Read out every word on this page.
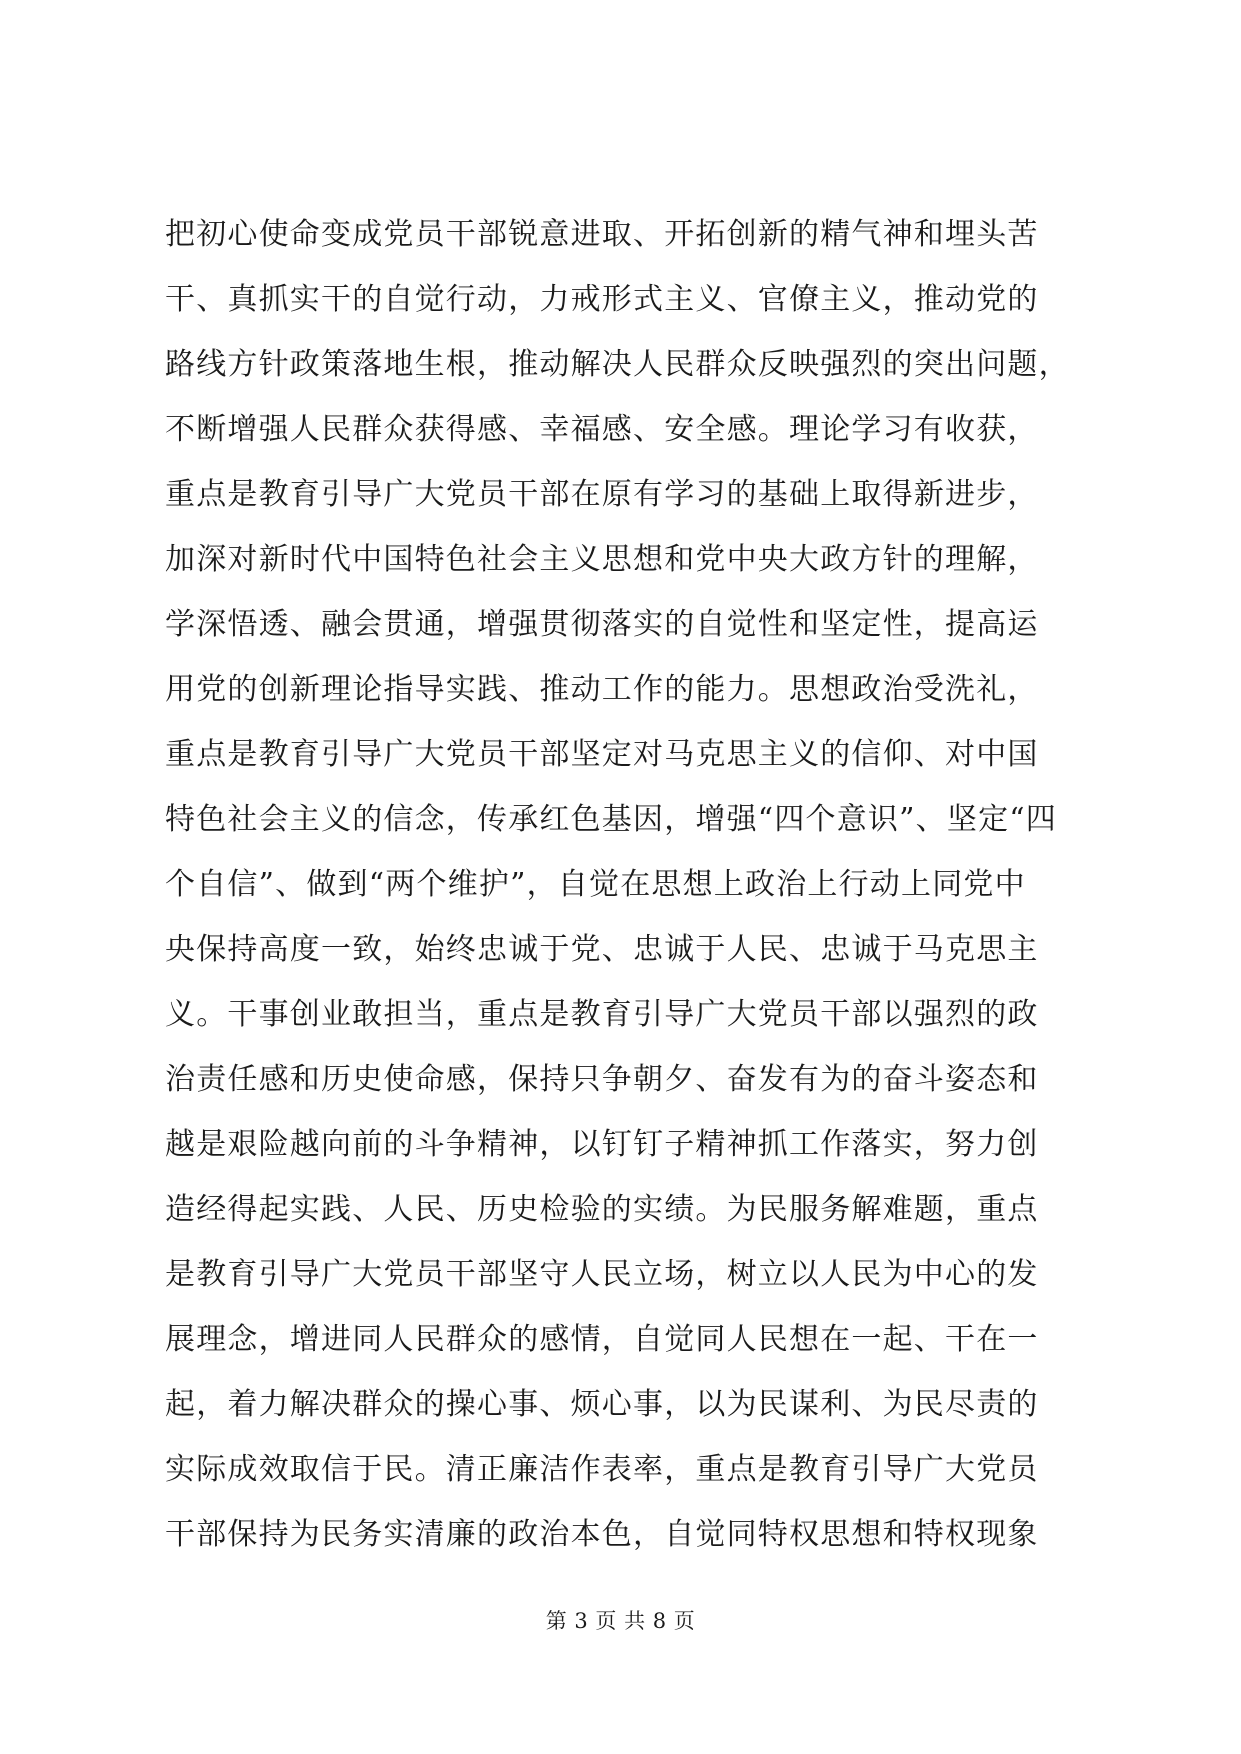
把初心使命变成党员干部锐意进取、开拓创新的精气神和埋头苦
干、真抓实干的自觉行动，力戒形式主义、官僚主义，推动党的
路线方针政策落地生根，推动解决人民群众反映强烈的突出问题，
不断增强人民群众获得感、幸福感、安全感。理论学习有收获，
重点是教育引导广大党员干部在原有学习的基础上取得新进步，
加深对新时代中国特色社会主义思想和党中央大政方针的理解，
学深悟透、融会贯通，增强贯彻落实的自觉性和坚定性，提高运
用党的创新理论指导实践、推动工作的能力。思想政治受洗礼，
重点是教育引导广大党员干部坚定对马克思主义的信仰、对中国
特色社会主义的信念，传承红色基因，增强“四个意识”、坚定“四
个自信”、做到“两个维护”，自觉在思想上政治上行动上同党中
央保持高度一致，始终忠诚于党、忠诚于人民、忠诚于马克思主
义。干事创业敢担当，重点是教育引导广大党员干部以强烈的政
治责任感和历史使命感，保持只争朝夕、奋发有为的奋斗姿态和
越是艰险越向前的斗争精神，以钉钉子精神抓工作落实，努力创
造经得起实践、人民、历史检验的实绩。为民服务解难题，重点
是教育引导广大党员干部坚守人民立场，树立以人民为中心的发
展理念，增进同人民群众的感情，自觉同人民想在一起、干在一
起，着力解决群众的操心事、烦心事，以为民谋利、为民尽责的
实际成效取信于民。清正廉洁作表率，重点是教育引导广大党员
干部保持为民务实清廉的政治本色，自觉同特权思想和特权现象
第 3 页 共 8 页
